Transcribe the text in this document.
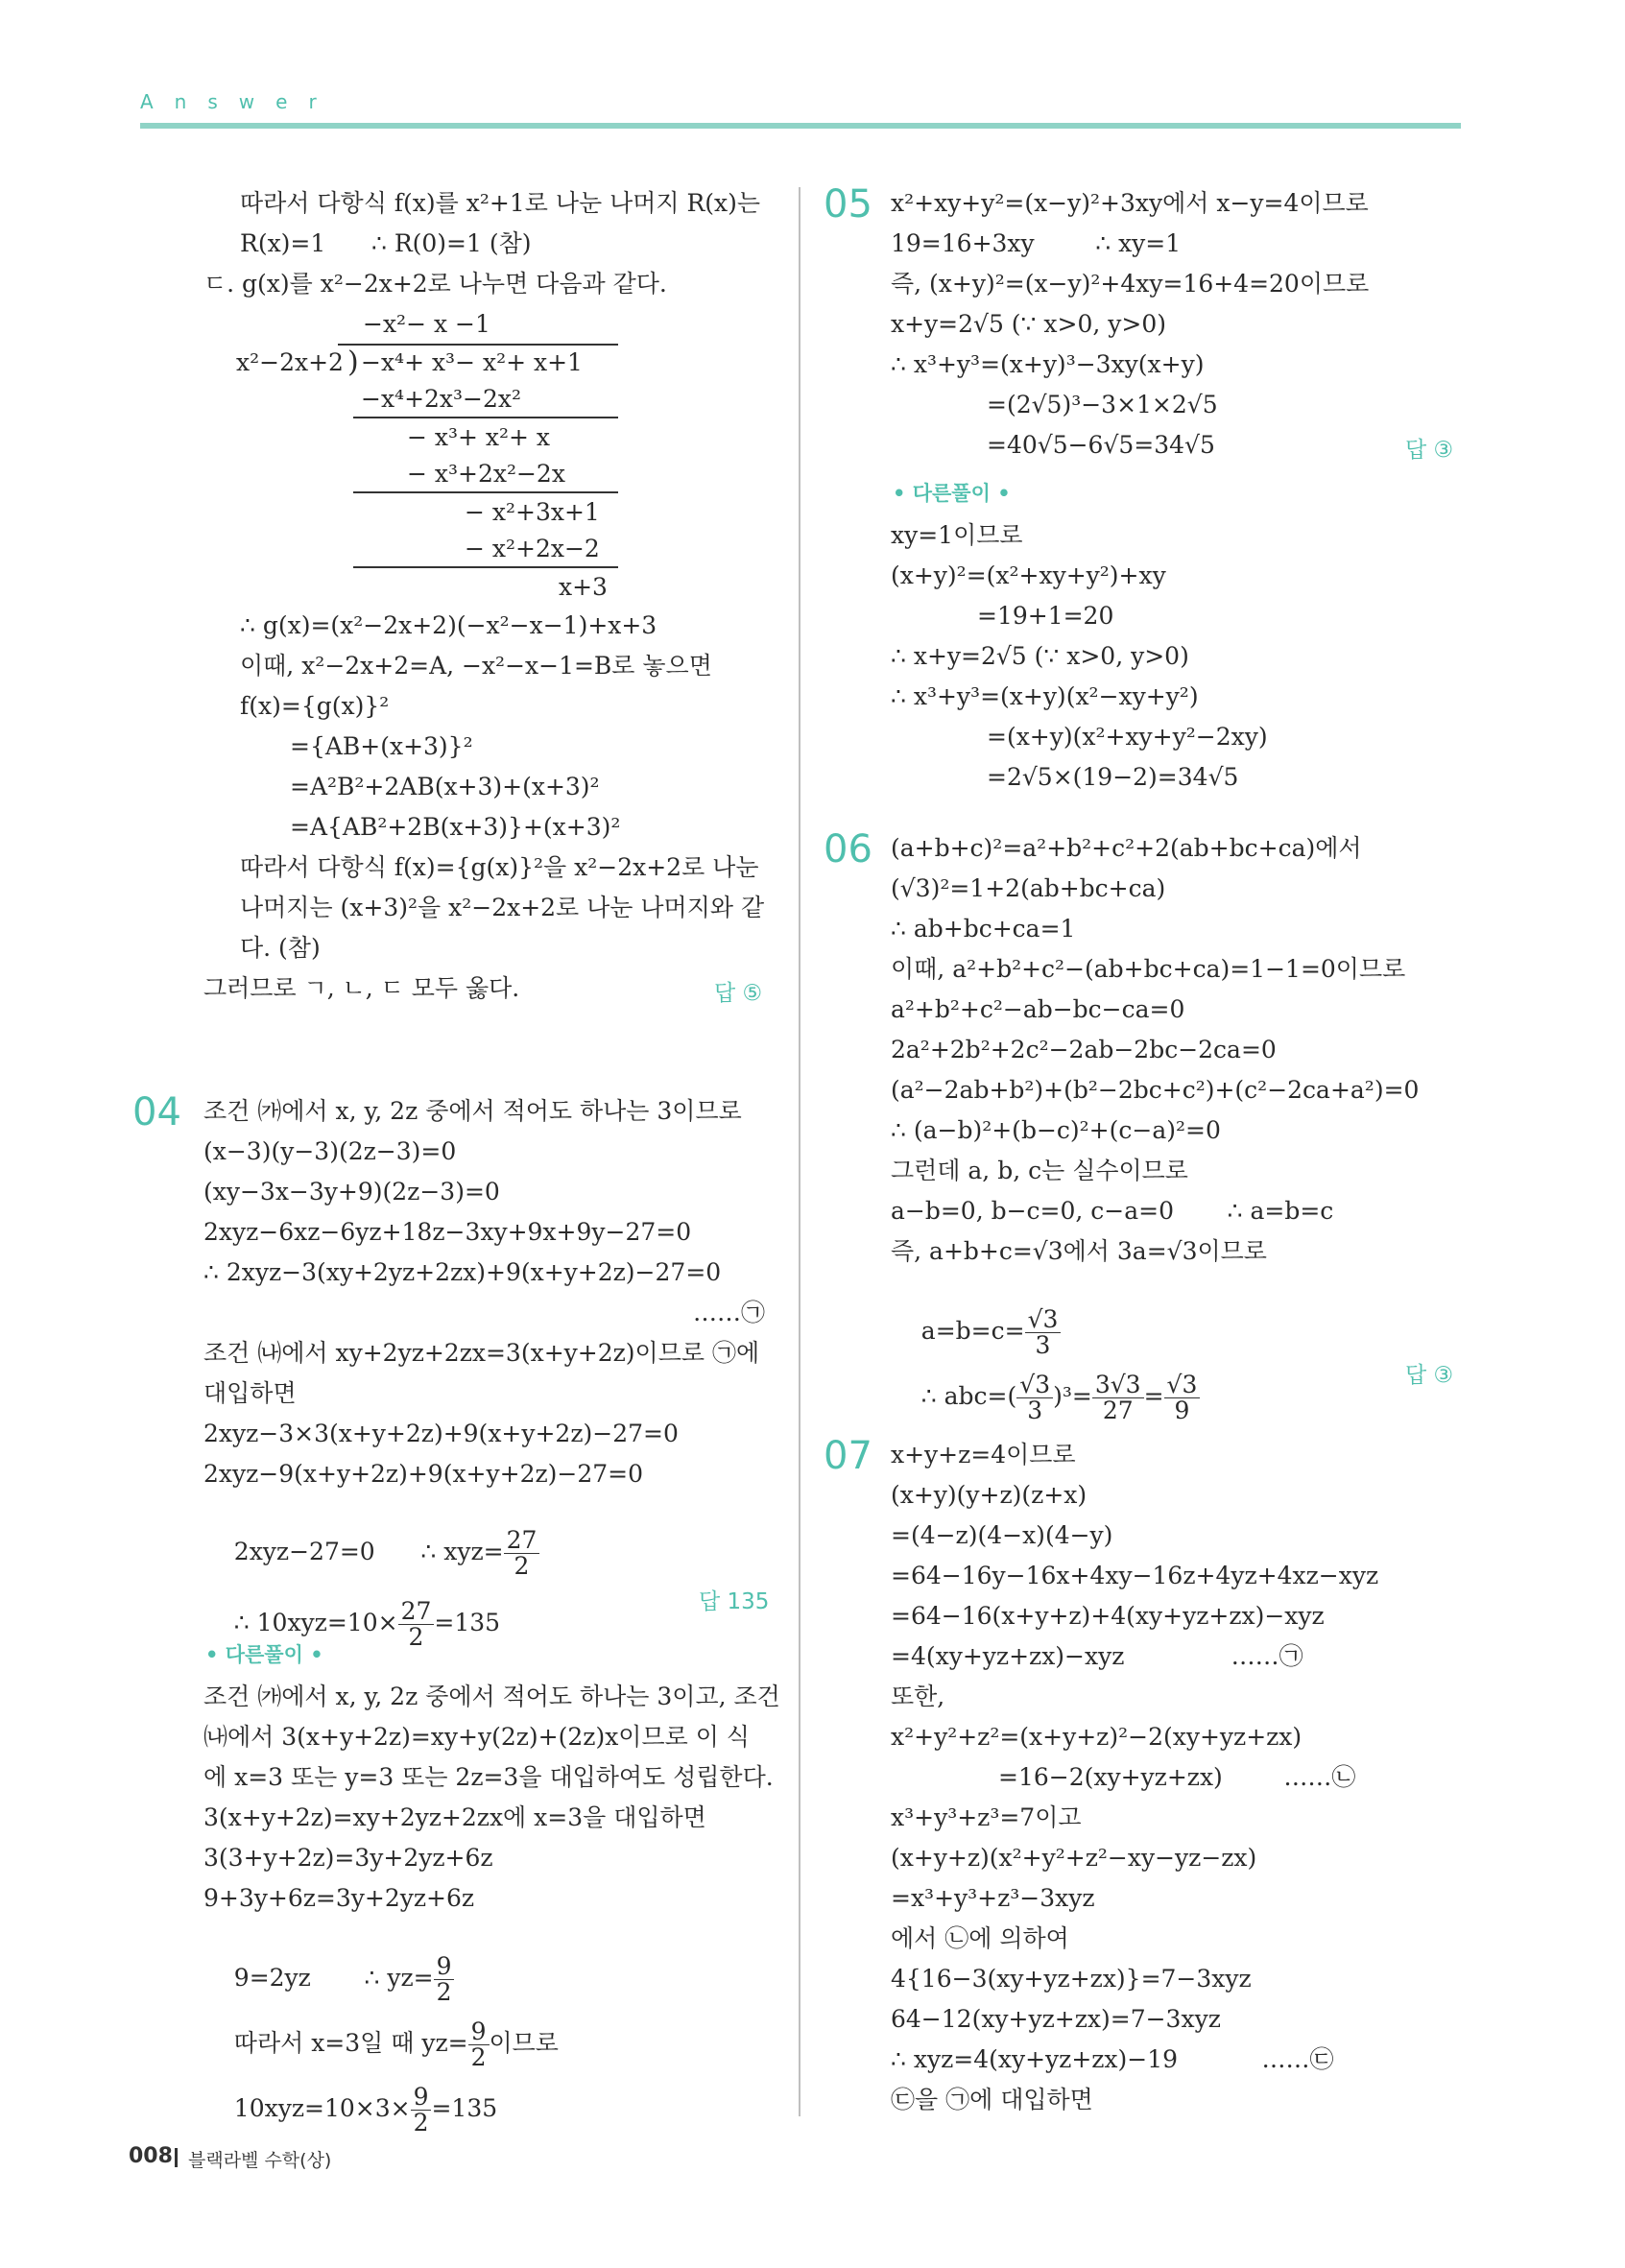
Answer
따라서 다항식 f(x)를 x²+1로 나눈 나머지 R(x)는
R(x)=1      ∴ R(0)=1 (참)
ㄷ. g(x)를 x²−2x+2로 나누면 다음과 같다.
−x²− x −1
x²−2x+2 ) −x⁴+ x³− x²+ x+1
−x⁴+2x³−2x²
− x³+ x²+ x
− x³+2x²−2x
− x²+3x+1
− x²+2x−2
x+3
∴ g(x)=(x²−2x+2)(−x²−x−1)+x+3
이때, x²−2x+2=A, −x²−x−1=B로 놓으면
f(x)={g(x)}²
={AB+(x+3)}²
=A²B²+2AB(x+3)+(x+3)²
=A{AB²+2B(x+3)}+(x+3)²
따라서 다항식 f(x)={g(x)}²을 x²−2x+2로 나눈
나머지는 (x+3)²을 x²−2x+2로 나눈 나머지와 같
다. (참)
그러므로 ㄱ, ㄴ, ㄷ 모두 옳다.	답 ⑤
04 조건 ㈎에서 x, y, 2z 중에서 적어도 하나는 3이므로
(x−3)(y−3)(2z−3)=0
(xy−3x−3y+9)(2z−3)=0
2xyz−6xz−6yz+18z−3xy+9x+9y−27=0
∴ 2xyz−3(xy+2yz+2zx)+9(x+y+2z)−27=0
……㉠
조건 ㈏에서 xy+2yz+2zx=3(x+y+2z)이므로 ㉠에
대입하면
2xyz−3×3(x+y+2z)+9(x+y+2z)−27=0
2xyz−9(x+y+2z)+9(x+y+2z)−27=0

2xyz−27=0      ∴ $xyz= \frac{27}{2}$

∴ $10xyz=10\times \frac{27}{2} =135$

답 135
• 다른풀이 •
조건 ㈎에서 x, y, 2z 중에서 적어도 하나는 3이고, 조건
㈏에서 3(x+y+2z)=xy+y(2z)+(2z)x이므로 이 식
에 x=3 또는 y=3 또는 2z=3을 대입하여도 성립한다.
3(x+y+2z)=xy+2yz+2zx에 x=3을 대입하면
3(3+y+2z)=3y+2yz+6z
9+3y+6z=3y+2yz+6z

9=2yz       ∴ $yz= \frac{9}{2}$

따라서 x=3일 때 $yz= \frac{9}{2}$ 이므로

$10xyz=10\times 3\times \frac{9}{2} =135$

05 x²+xy+y²=(x−y)²+3xy에서 x−y=4이므로
19=16+3xy        ∴ xy=1
즉, (x+y)²=(x−y)²+4xy=16+4=20이므로
x+y=2√5 (∵ x>0, y>0)
∴ x³+y³=(x+y)³−3xy(x+y)
=(2√5)³−3×1×2√5
=40√5−6√5=34√5	답 ③
• 다른풀이 •
xy=1이므로
(x+y)²=(x²+xy+y²)+xy
=19+1=20
∴ x+y=2√5 (∵ x>0, y>0)
∴ x³+y³=(x+y)(x²−xy+y²)
=(x+y)(x²+xy+y²−2xy)
=2√5×(19−2)=34√5
06 (a+b+c)²=a²+b²+c²+2(ab+bc+ca)에서
(√3)²=1+2(ab+bc+ca)
∴ ab+bc+ca=1
이때, a²+b²+c²−(ab+bc+ca)=1−1=0이므로
a²+b²+c²−ab−bc−ca=0
2a²+2b²+2c²−2ab−2bc−2ca=0
(a²−2ab+b²)+(b²−2bc+c²)+(c²−2ca+a²)=0
∴ (a−b)²+(b−c)²+(c−a)²=0
그런데 a, b, c는 실수이므로
a−b=0, b−c=0, c−a=0       ∴ a=b=c
즉, a+b+c=√3에서 3a=√3이므로

$a=b=c= \frac{√3}{3}$

∴ $abc=( \frac{√3}{3} )^3= \frac{3√3}{27} = \frac{√3}{9}$

	답 ③
07 x+y+z=4이므로
(x+y)(y+z)(z+x)
=(4−z)(4−x)(4−y)
=64−16y−16x+4xy−16z+4yz+4xz−xyz
=64−16(x+y+z)+4(xy+yz+zx)−xyz
=4(xy+yz+zx)−xyz              ……㉠
또한,
x²+y²+z²=(x+y+z)²−2(xy+yz+zx)
=16−2(xy+yz+zx)        ……㉡
x³+y³+z³=7이고
(x+y+z)(x²+y²+z²−xy−yz−zx)
=x³+y³+z³−3xyz
에서 ㉡에 의하여
4{16−3(xy+yz+zx)}=7−3xyz
64−12(xy+yz+zx)=7−3xyz
∴ xyz=4(xy+yz+zx)−19           ……㉢
㉢을 ㉠에 대입하면
008 블랙라벨 수학(상)
